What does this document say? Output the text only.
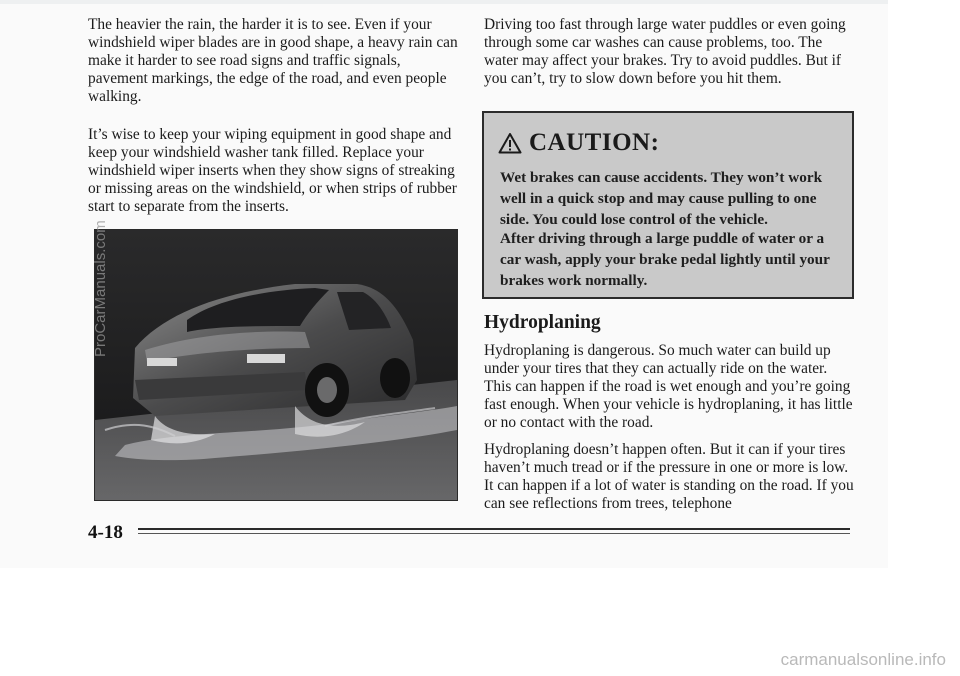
The heavier the rain, the harder it is to see. Even if your windshield wiper blades are in good shape, a heavy rain can make it harder to see road signs and traffic signals, pavement markings, the edge of the road, and even people walking.

It’s wise to keep your wiping equipment in good shape and keep your windshield washer tank filled. Replace your windshield wiper inserts when they show signs of streaking or missing areas on the windshield, or when strips of rubber start to separate from the inserts.

Driving too fast through large water puddles or even going through some car washes can cause problems, too. The water may affect your brakes. Try to avoid puddles. But if you can’t, try to slow down before you hit them.

CAUTION:

Wet brakes can cause accidents. They won’t work well in a quick stop and may cause pulling to one side. You could lose control of the vehicle.

After driving through a large puddle of water or a car wash, apply your brake pedal lightly until your brakes work normally.

Hydroplaning

Hydroplaning is dangerous. So much water can build up under your tires that they can actually ride on the water. This can happen if the road is wet enough and you’re going fast enough. When your vehicle is hydroplaning, it has little or no contact with the road.

Hydroplaning doesn’t happen often. But it can if your tires haven’t much tread or if the pressure in one or more is low. It can happen if a lot of water is standing on the road. If you can see reflections from trees, telephone

4-18
ProCarManuals.com
carmanualsonline.info
